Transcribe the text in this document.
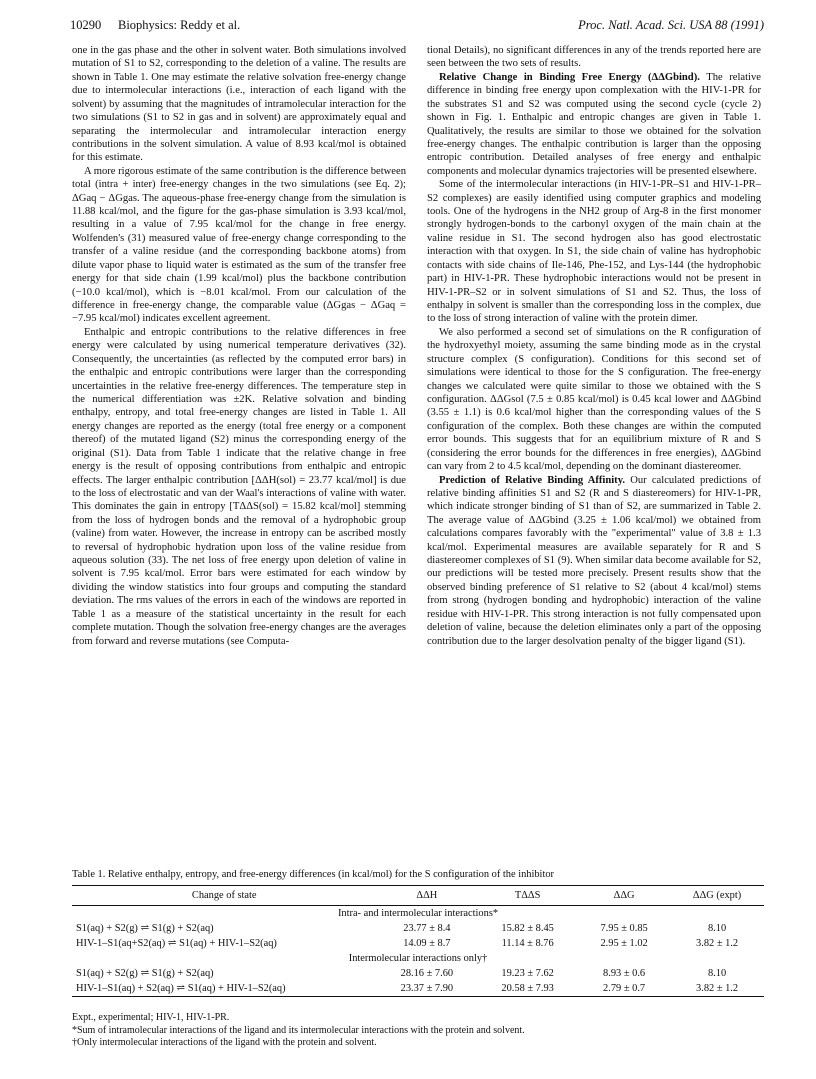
10290 Biophysics: Reddy et al.	Proc. Natl. Acad. Sci. USA 88 (1991)

one in the gas phase and the other in solvent water. Both simulations involved mutation of S1 to S2, corresponding to the deletion of a valine. The results are shown in Table 1. One may estimate the relative solvation free-energy change due to intermolecular interactions (i.e., interaction of each ligand with the solvent) by assuming that the magnitudes of intramolecular interaction for the two simulations (S1 to S2 in gas and in solvent) are approximately equal and separating the intermolecular and intramolecular interaction energy contributions in the solvent simulation. A value of 8.93 kcal/mol is obtained for this estimate.

A more rigorous estimate of the same contribution is the difference between total (intra + inter) free-energy changes in the two simulations (see Eq. 2); ΔGaq − ΔGgas. The aqueous-phase free-energy change from the simulation is 11.88 kcal/mol, and the figure for the gas-phase simulation is 3.93 kcal/mol, resulting in a value of 7.95 kcal/mol for the change in free energy. Wolfenden's (31) measured value of free-energy change corresponding to the transfer of a valine residue (and the corresponding backbone atoms) from dilute vapor phase to liquid water is estimated as the sum of the transfer free energy for that side chain (1.99 kcal/mol) plus the backbone contribution (−10.0 kcal/mol), which is −8.01 kcal/mol. From our calculation of the difference in free-energy change, the comparable value (ΔGgas − ΔGaq = −7.95 kcal/mol) indicates excellent agreement.

Enthalpic and entropic contributions to the relative differences in free energy were calculated by using numerical temperature derivatives (32). Consequently, the uncertainties (as reflected by the computed error bars) in the enthalpic and entropic contributions were larger than the corresponding uncertainties in the relative free-energy differences. The temperature step in the numerical differentiation was ±2K. Relative solvation and binding enthalpy, entropy, and total free-energy changes are listed in Table 1. All energy changes are reported as the energy (total free energy or a component thereof) of the mutated ligand (S2) minus the corresponding energy of the original (S1). Data from Table 1 indicate that the relative change in free energy is the result of opposing contributions from enthalpic and entropic effects. The larger enthalpic contribution [ΔΔH(sol) = 23.77 kcal/mol] is due to the loss of electrostatic and van der Waal's interactions of valine with water. This dominates the gain in entropy [TΔΔS(sol) = 15.82 kcal/mol] stemming from the loss of hydrogen bonds and the removal of a hydrophobic group (valine) from water. However, the increase in entropy can be ascribed mostly to reversal of hydrophobic hydration upon loss of the valine residue from aqueous solution (33). The net loss of free energy upon deletion of valine in solvent is 7.95 kcal/mol. Error bars were estimated for each window by dividing the window statistics into four groups and computing the standard deviation. The rms values of the errors in each of the windows are reported in Table 1 as a measure of the statistical uncertainty in the result for each complete mutation. Though the solvation free-energy changes are the averages from forward and reverse mutations (see Computa-

tional Details), no significant differences in any of the trends reported here are seen between the two sets of results.

Relative Change in Binding Free Energy (ΔΔGbind). The relative difference in binding free energy upon complexation with the HIV-1-PR for the substrates S1 and S2 was computed using the second cycle (cycle 2) shown in Fig. 1. Enthalpic and entropic changes are given in Table 1. Qualitatively, the results are similar to those we obtained for the solvation free-energy changes. The enthalpic contribution is larger than the opposing entropic contribution. Detailed analyses of free energy and enthalpic components and molecular dynamics trajectories will be presented elsewhere.

Some of the intermolecular interactions (in HIV-1-PR–S1 and HIV-1-PR–S2 complexes) are easily identified using computer graphics and modeling tools. One of the hydrogens in the NH2 group of Arg-8 in the first monomer strongly hydrogen-bonds to the carbonyl oxygen of the main chain at the valine residue in S1. The second hydrogen also has good electrostatic interaction with that oxygen. In S1, the side chain of valine has hydrophobic contacts with side chains of Ile-146, Phe-152, and Lys-144 (the hydrophobic part) in HIV-1-PR. These hydrophobic interactions would not be present in HIV-1-PR–S2 or in solvent simulations of S1 and S2. Thus, the loss of enthalpy in solvent is smaller than the corresponding loss in the complex, due to the loss of strong interaction of valine with the protein dimer.

We also performed a second set of simulations on the R configuration of the hydroxyethyl moiety, assuming the same binding mode as in the crystal structure complex (S configuration). Conditions for this second set of simulations were identical to those for the S configuration. The free-energy changes we calculated were quite similar to those we obtained with the S configuration. ΔΔGsol (7.5 ± 0.85 kcal/mol) is 0.45 kcal lower and ΔΔGbind (3.55 ± 1.1) is 0.6 kcal/mol higher than the corresponding values of the S configuration of the complex. Both these changes are within the computed error bounds. This suggests that for an equilibrium mixture of R and S (considering the error bounds for the differences in free energies), ΔΔGbind can vary from 2 to 4.5 kcal/mol, depending on the dominant diastereomer.

Prediction of Relative Binding Affinity. Our calculated predictions of relative binding affinities S1 and S2 (R and S diastereomers) for HIV-1-PR, which indicate stronger binding of S1 than of S2, are summarized in Table 2. The average value of ΔΔGbind (3.25 ± 1.06 kcal/mol) we obtained from calculations compares favorably with the "experimental" value of 3.8 ± 1.3 kcal/mol. Experimental measures are available separately for R and S diastereomer complexes of S1 (9). When similar data become available for S2, our predictions will be tested more precisely. Present results show that the observed binding preference of S1 relative to S2 (about 4 kcal/mol) stems from strong (hydrogen bonding and hydrophobic) interaction of the valine residue with HIV-1-PR. This strong interaction is not fully compensated upon deletion of valine, because the deletion eliminates only a part of the opposing contribution due to the larger desolvation penalty of the bigger ligand (S1).

Table 1. Relative enthalpy, entropy, and free-energy differences (in kcal/mol) for the S configuration of the inhibitor
Change of state	ΔΔH	TΔΔS	ΔΔG	ΔΔG (expt)
Intra- and intermolecular interactions*				
S1(aq) + S2(g) ⇌ S1(g) + S2(aq)	23.77 ± 8.4	15.82 ± 8.45	7.95 ± 0.85	8.10
HIV-1–S1(aq+S2(aq) ⇌ S1(aq) + HIV-1–S2(aq)	14.09 ± 8.7	11.14 ± 8.76	2.95 ± 1.02	3.82 ± 1.2
Intermolecular interactions only†				
S1(aq) + S2(g) ⇌ S1(g) + S2(aq)	28.16 ± 7.60	19.23 ± 7.62	8.93 ± 0.6	8.10
HIV-1–S1(aq) + S2(aq) ⇌ S1(aq) + HIV-1–S2(aq)	23.37 ± 7.90	20.58 ± 7.93	2.79 ± 0.7	3.82 ± 1.2

Expt., experimental; HIV-1, HIV-1-PR.

*Sum of intramolecular interactions of the ligand and its intermolecular interactions with the protein and solvent.

†Only intermolecular interactions of the ligand with the protein and solvent.
